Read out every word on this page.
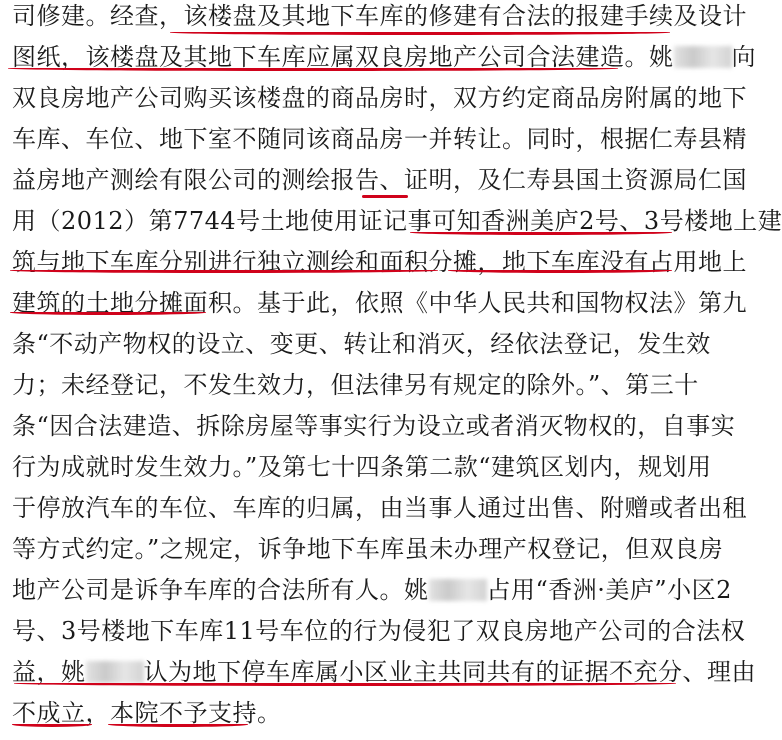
司修建。经查，该楼盘及其地下车库的修建有合法的报建手续及设计
图纸，该楼盘及其地下车库应属双良房地产公司合法建造。姚 向
双良房地产公司购买该楼盘的商品房时，双方约定商品房附属的地下
车库、车位、地下室不随同该商品房一并转让。同时，根据仁寿县精
益房地产测绘有限公司的测绘报告、证明，及仁寿县国土资源局仁国
用（2012）第7744号土地使用证记事可知香洲美庐2号、3号楼地上建
筑与地下车库分别进行独立测绘和面积分摊，地下车库没有占用地上
建筑的土地分摊面积。基于此，依照《中华人民共和国物权法》第九
条“不动产物权的设立、变更、转让和消灭，经依法登记，发生效
力；未经登记，不发生效力，但法律另有规定的除外。”、第三十
条“因合法建造、拆除房屋等事实行为设立或者消灭物权的，自事实
行为成就时发生效力。”及第七十四条第二款“建筑区划内，规划用
于停放汽车的车位、车库的归属，由当事人通过出售、附赠或者出租
等方式约定。”之规定，诉争地下车库虽未办理产权登记，但双良房
地产公司是诉争车库的合法所有人。姚 占用“香洲·美庐”小区2
号、3号楼地下车库11号车位的行为侵犯了双良房地产公司的合法权
益，姚 认为地下停车库属小区业主共同共有的证据不充分、理由
不成立，本院不予支持。
